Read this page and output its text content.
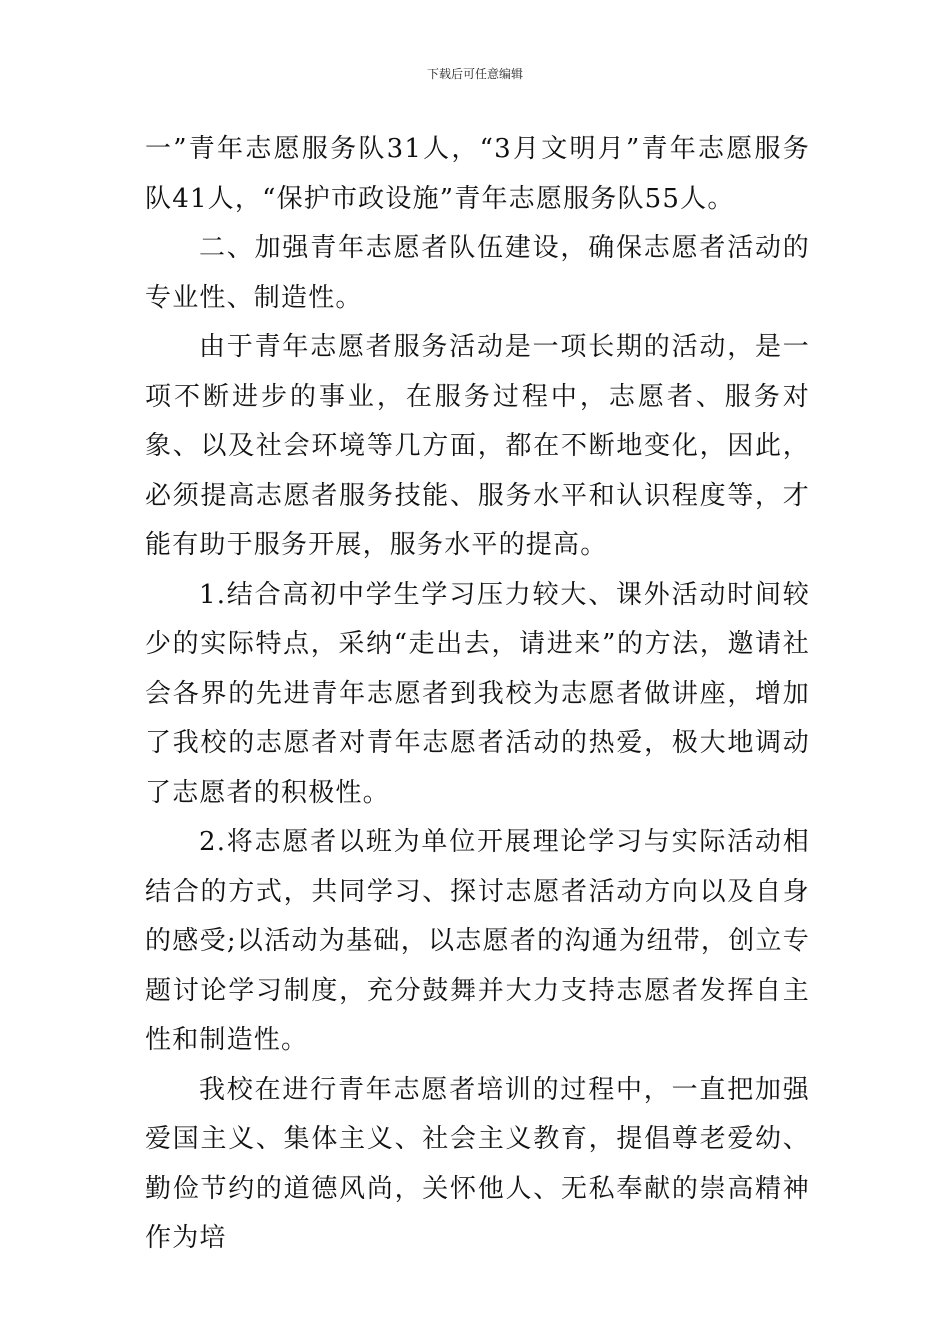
下载后可任意编辑

一”青年志愿服务队31人，“3月文明月”青年志愿服务队41人，“保护市政设施”青年志愿服务队55人。

二、加强青年志愿者队伍建设，确保志愿者活动的专业性、制造性。

由于青年志愿者服务活动是一项长期的活动，是一项不断进步的事业，在服务过程中，志愿者、服务对象、以及社会环境等几方面，都在不断地变化，因此，必须提高志愿者服务技能、服务水平和认识程度等，才能有助于服务开展，服务水平的提高。

1.结合高初中学生学习压力较大、课外活动时间较少的实际特点，采纳“走出去，请进来”的方法，邀请社会各界的先进青年志愿者到我校为志愿者做讲座，增加了我校的志愿者对青年志愿者活动的热爱，极大地调动了志愿者的积极性。

2.将志愿者以班为单位开展理论学习与实际活动相结合的方式，共同学习、探讨志愿者活动方向以及自身的感受;以活动为基础，以志愿者的沟通为纽带，创立专题讨论学习制度，充分鼓舞并大力支持志愿者发挥自主性和制造性。

我校在进行青年志愿者培训的过程中，一直把加强爱国主义、集体主义、社会主义教育，提倡尊老爱幼、勤俭节约的道德风尚，关怀他人、无私奉献的崇高精神作为培
